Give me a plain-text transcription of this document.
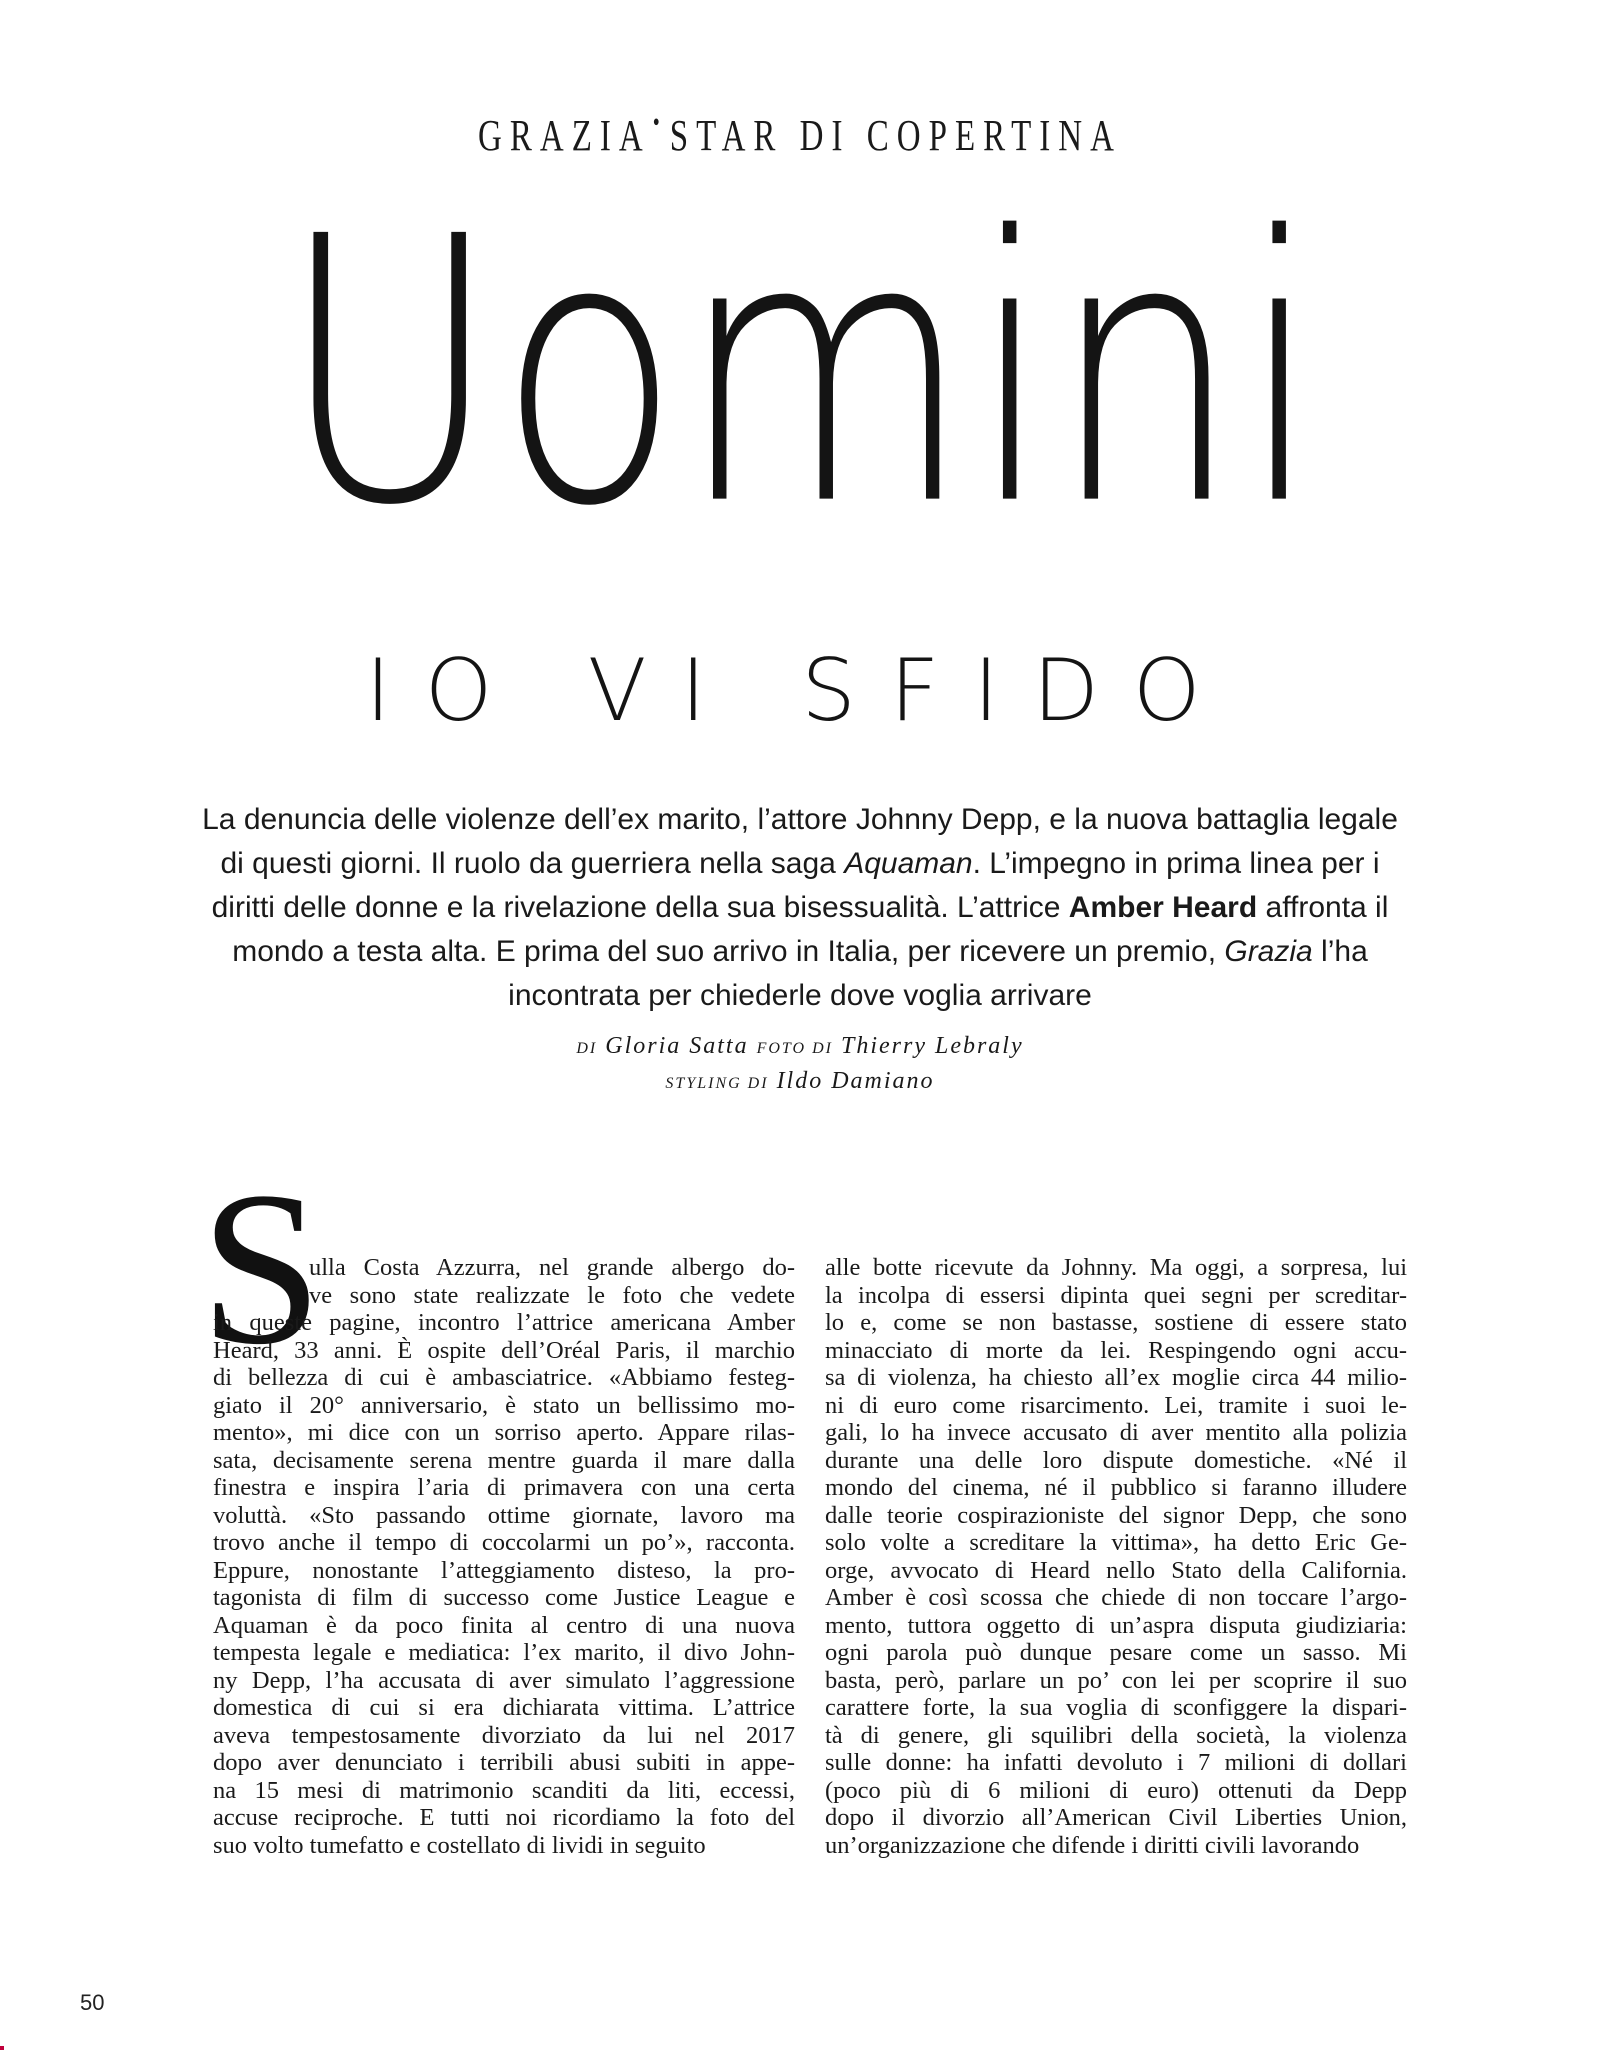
GRAZIA • STAR DI COPERTINA
Uomini
IO VI SFIDO
La denuncia delle violenze dell’ex marito, l’attore Johnny Depp, e la nuova battaglia legale di questi giorni. Il ruolo da guerriera nella saga Aquaman. L’impegno in prima linea per i diritti delle donne e la rivelazione della sua bisessualità. L’attrice Amber Heard affronta il mondo a testa alta. E prima del suo arrivo in Italia, per ricevere un premio, Grazia l’ha incontrata per chiederle dove voglia arrivare
DI Gloria Satta FOTO DI Thierry Lebraly
STYLING DI Ildo Damiano
S
ulla Costa Azzurra, nel grande albergo do-
ve sono state realizzate le foto che vedete
in queste pagine, incontro l’attrice americana Amber
Heard, 33 anni. È ospite dell’Oréal Paris, il marchio
di bellezza di cui è ambasciatrice. «Abbiamo festeg-
giato il 20° anniversario, è stato un bellissimo mo-
mento», mi dice con un sorriso aperto. Appare rilas-
sata, decisamente serena mentre guarda il mare dalla
finestra e inspira l’aria di primavera con una certa
voluttà. «Sto passando ottime giornate, lavoro ma
trovo anche il tempo di coccolarmi un po’», racconta.
Eppure, nonostante l’atteggiamento disteso, la pro-
tagonista di film di successo come Justice League e
Aquaman è da poco finita al centro di una nuova
tempesta legale e mediatica: l’ex marito, il divo John-
ny Depp, l’ha accusata di aver simulato l’aggressione
domestica di cui si era dichiarata vittima. L’attrice
aveva tempestosamente divorziato da lui nel 2017
dopo aver denunciato i terribili abusi subiti in appe-
na 15 mesi di matrimonio scanditi da liti, eccessi,
accuse reciproche. E tutti noi ricordiamo la foto del
suo volto tumefatto e costellato di lividi in seguito
alle botte ricevute da Johnny. Ma oggi, a sorpresa, lui
la incolpa di essersi dipinta quei segni per screditar-
lo e, come se non bastasse, sostiene di essere stato
minacciato di morte da lei. Respingendo ogni accu-
sa di violenza, ha chiesto all’ex moglie circa 44 milio-
ni di euro come risarcimento. Lei, tramite i suoi le-
gali, lo ha invece accusato di aver mentito alla polizia
durante una delle loro dispute domestiche. «Né il
mondo del cinema, né il pubblico si faranno illudere
dalle teorie cospirazioniste del signor Depp, che sono
solo volte a screditare la vittima», ha detto Eric Ge-
orge, avvocato di Heard nello Stato della California.
Amber è così scossa che chiede di non toccare l’argo-
mento, tuttora oggetto di un’aspra disputa giudiziaria:
ogni parola può dunque pesare come un sasso. Mi
basta, però, parlare un po’ con lei per scoprire il suo
carattere forte, la sua voglia di sconfiggere la dispari-
tà di genere, gli squilibri della società, la violenza
sulle donne: ha infatti devoluto i 7 milioni di dollari
(poco più di 6 milioni di euro) ottenuti da Depp
dopo il divorzio all’American Civil Liberties Union,
un’organizzazione che difende i diritti civili lavorando
50
